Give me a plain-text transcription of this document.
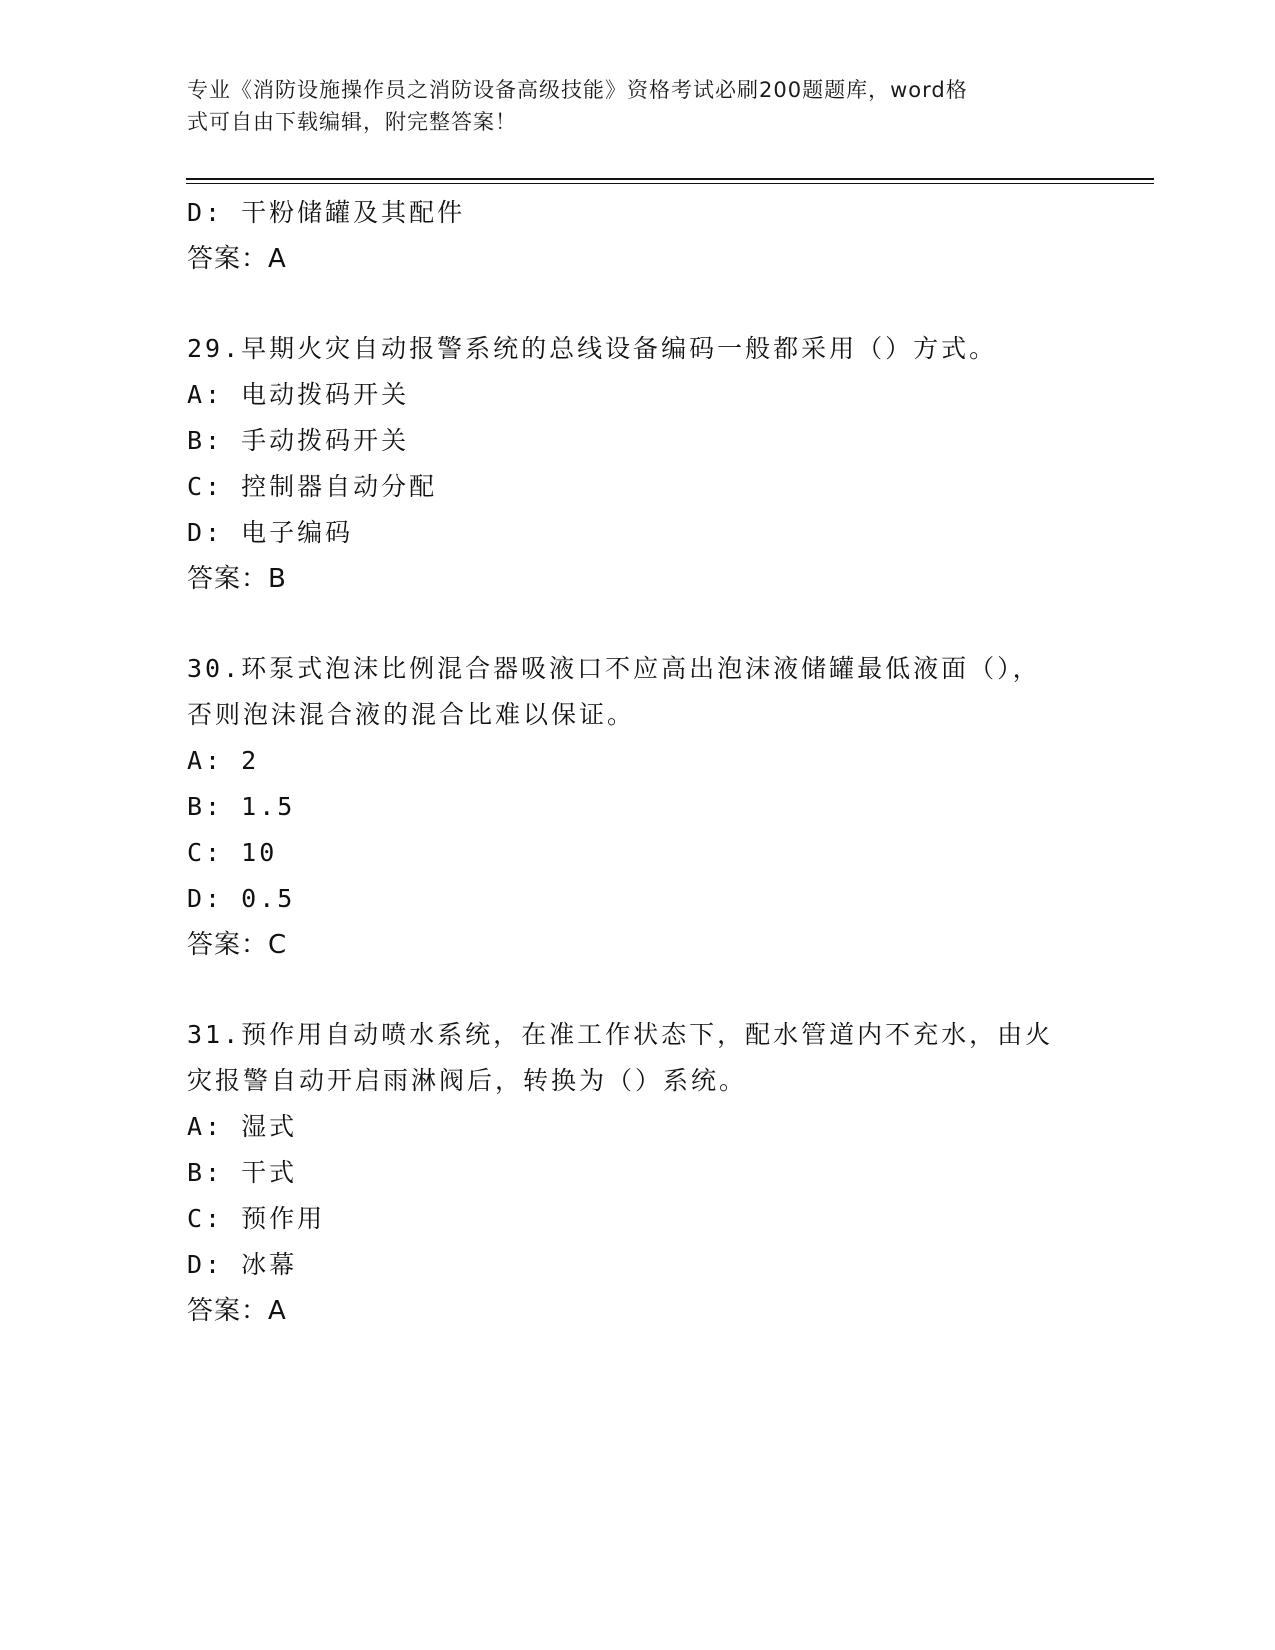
专业《消防设施操作员之消防设备高级技能》资格考试必刷200题题库，word格
式可自由下载编辑，附完整答案！

D: 干粉储罐及其配件

答案：A

29.早期火灾自动报警系统的总线设备编码一般都采用（）方式。

A: 电动拨码开关

B: 手动拨码开关

C: 控制器自动分配

D: 电子编码

答案：B

30.环泵式泡沫比例混合器吸液口不应高出泡沫液储罐最低液面（），

否则泡沫混合液的混合比难以保证。

A: 2

B: 1.5

C: 10

D: 0.5

答案：C

31.预作用自动喷水系统，在准工作状态下，配水管道内不充水，由火

灾报警自动开启雨淋阀后，转换为（）系统。

A: 湿式

B: 干式

C: 预作用

D: 冰幕

答案：A
